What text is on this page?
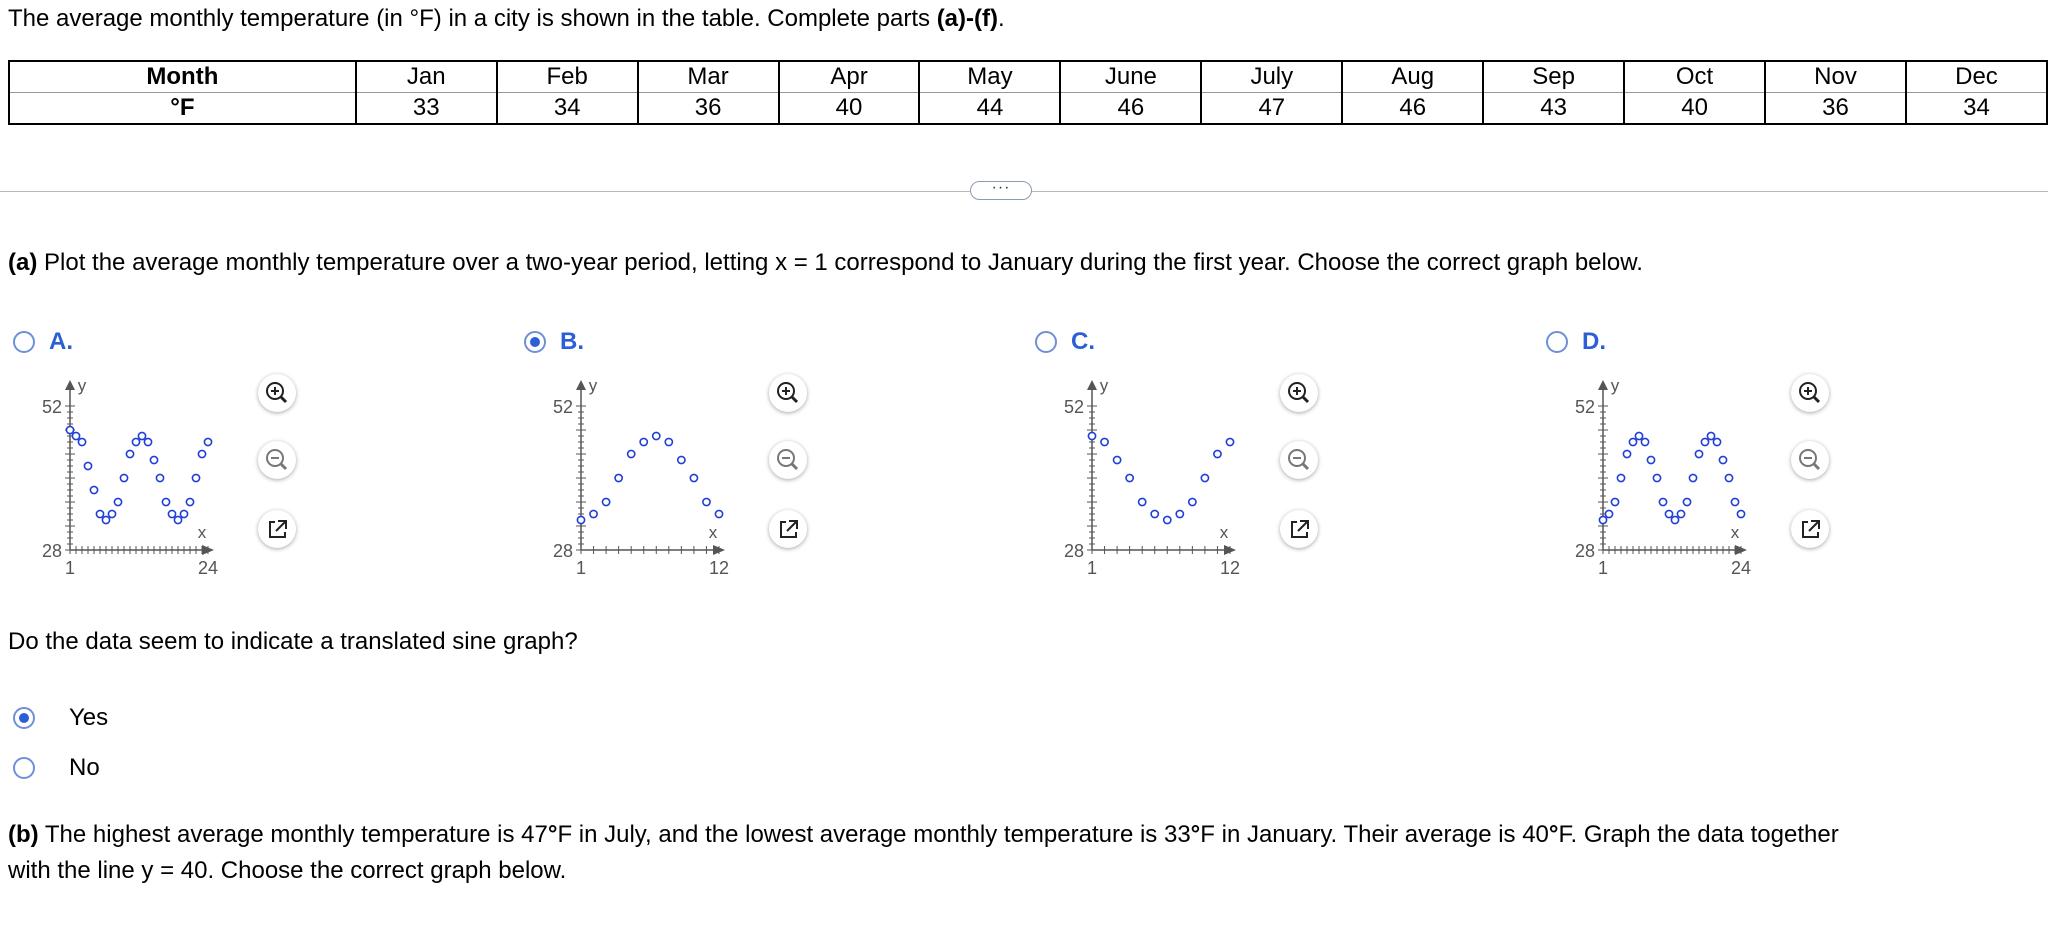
The average monthly temperature (in °F) in a city is shown in the table. Complete parts (a)-(f).
Month	Jan	Feb	Mar	Apr	May	June	July	Aug	Sep	Oct	Nov	Dec
°F	33	34	36	40	44	46	47	46	43	40	36	34
···
(a) Plot the average monthly temperature over a two-year period, letting x = 1 correspond to January during the first year. Choose the correct graph below.
A.
52
28
1	24
x
y
B.
52
28
1	12
x
y
C.
52
28
1	12
x
y
D.
52
28
1	24
x
y
Do the data seem to indicate a translated sine graph?
Yes
No
(b) The highest average monthly temperature is 47°F in July, and the lowest average monthly temperature is 33°F in January. Their average is 40°F. Graph the data together
with the line y = 40. Choose the correct graph below.
